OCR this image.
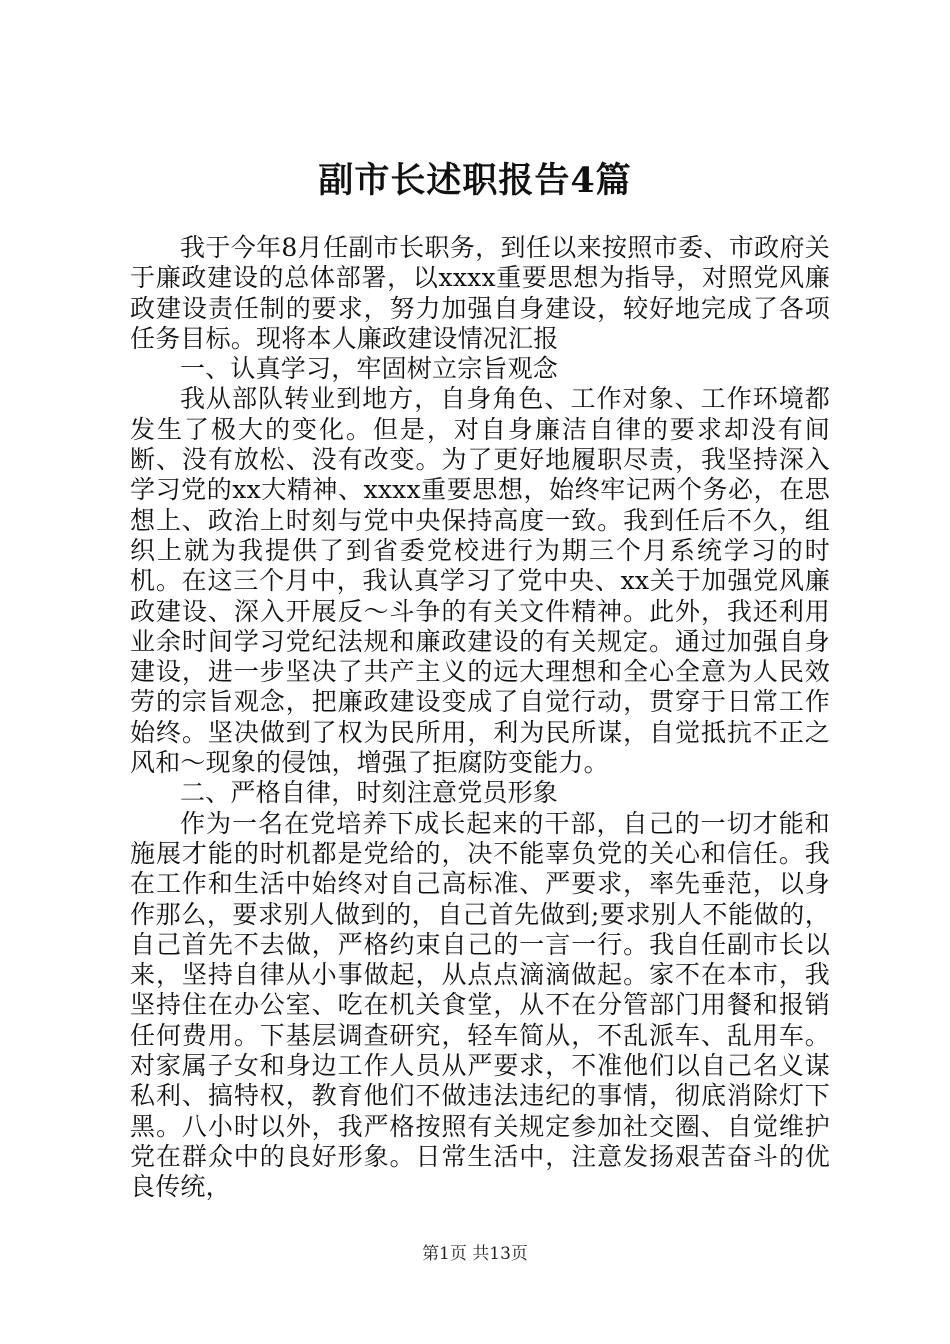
副市长述职报告4篇

我于今年8月任副市长职务，到任以来按照市委、市政府关于廉政建设的总体部署，以xxxx重要思想为指导，对照党风廉政建设责任制的要求，努力加强自身建设，较好地完成了各项任务目标。现将本人廉政建设情况汇报

一、认真学习，牢固树立宗旨观念

我从部队转业到地方，自身角色、工作对象、工作环境都发生了极大的变化。但是，对自身廉洁自律的要求却没有间断、没有放松、没有改变。为了更好地履职尽责，我坚持深入学习党的xx大精神、xxxx重要思想，始终牢记两个务必，在思想上、政治上时刻与党中央保持高度一致。我到任后不久，组织上就为我提供了到省委党校进行为期三个月系统学习的时机。在这三个月中，我认真学习了党中央、xx关于加强党风廉政建设、深入开展反～斗争的有关文件精神。此外，我还利用业余时间学习党纪法规和廉政建设的有关规定。通过加强自身建设，进一步坚决了共产主义的远大理想和全心全意为人民效劳的宗旨观念，把廉政建设变成了自觉行动，贯穿于日常工作始终。坚决做到了权为民所用，利为民所谋，自觉抵抗不正之风和～现象的侵蚀，增强了拒腐防变能力。

二、严格自律，时刻注意党员形象

作为一名在党培养下成长起来的干部，自己的一切才能和施展才能的时机都是党给的，决不能辜负党的关心和信任。我在工作和生活中始终对自己高标准、严要求，率先垂范，以身作那么，要求别人做到的，自己首先做到;要求别人不能做的，自己首先不去做，严格约束自己的一言一行。我自任副市长以来，坚持自律从小事做起，从点点滴滴做起。家不在本市，我坚持住在办公室、吃在机关食堂，从不在分管部门用餐和报销任何费用。下基层调查研究，轻车简从，不乱派车、乱用车。对家属子女和身边工作人员从严要求，不准他们以自己名义谋私利、搞特权，教育他们不做违法违纪的事情，彻底消除灯下黑。八小时以外，我严格按照有关规定参加社交圈、自觉维护党在群众中的良好形象。日常生活中，注意发扬艰苦奋斗的优良传统，

第1页 共13页
